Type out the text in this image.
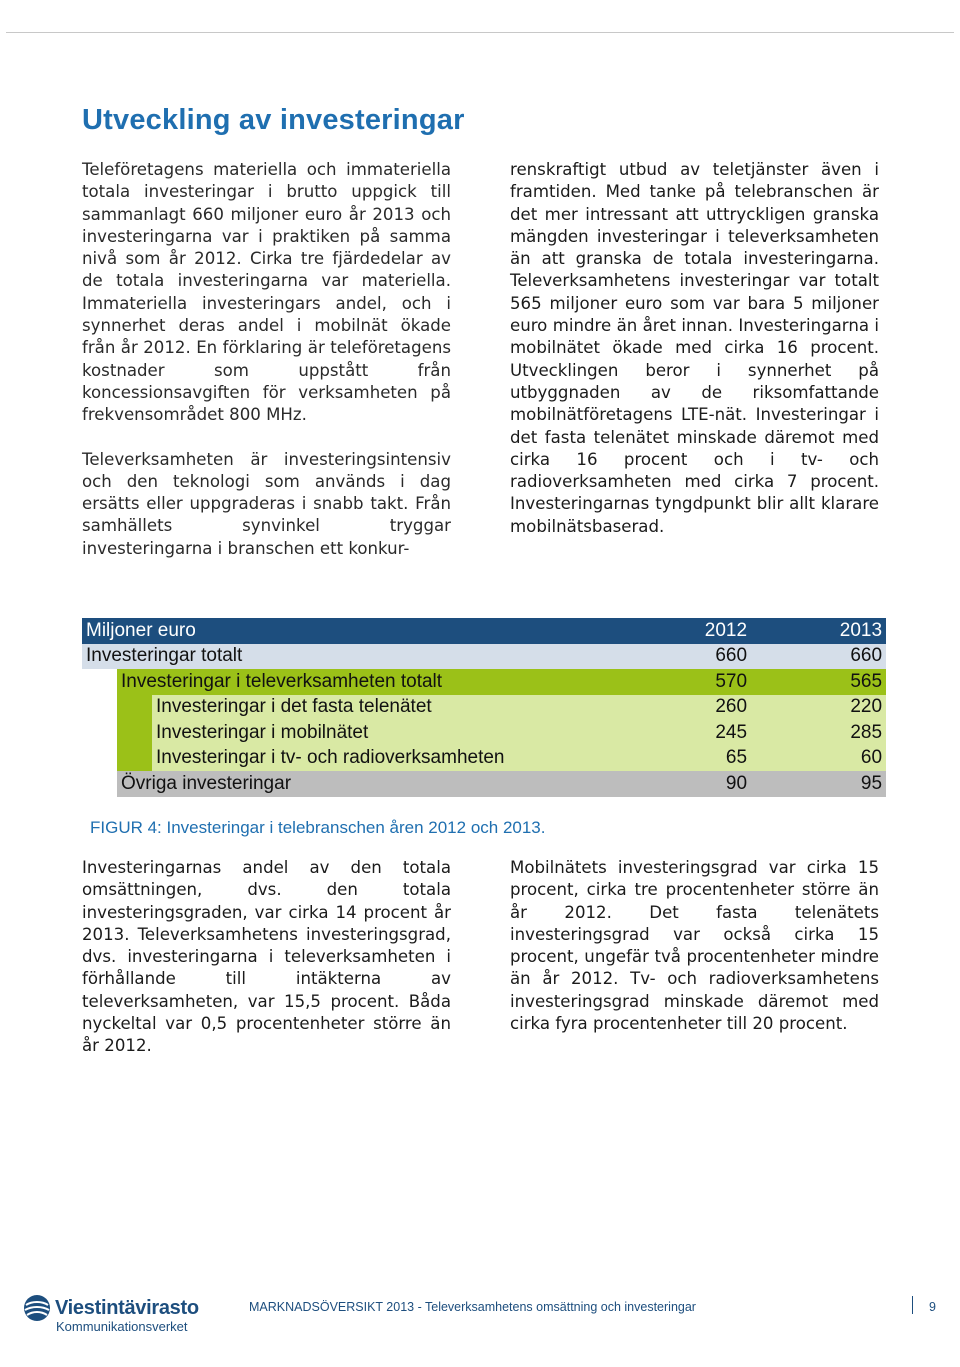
Utveckling av investeringar

Teleföretagens materiella och immateriella totala investeringar i brutto uppgick till sammanlagt 660 miljoner euro år 2013 och investeringarna var i praktiken på samma nivå som år 2012. Cirka tre fjärdedelar av de totala investeringarna var materiella. Immateriella investeringars andel, och i synnerhet deras andel i mobilnät ökade från år 2012. En förklaring är teleföretagens kostnader som uppstått från koncessionsavgiften för verksamheten på frekvensområdet 800 MHz.

Televerksamheten är investeringsintensiv och den teknologi som används i dag ersätts eller uppgraderas i snabb takt. Från samhällets synvinkel tryggar investeringarna i branschen ett konkur-

renskraftigt utbud av teletjänster även i framtiden. Med tanke på telebranschen är det mer intressant att uttryckligen granska mängden investeringar i televerksamheten än att granska de totala investeringarna. Televerksamhetens investeringar var totalt 565 miljoner euro som var bara 5 miljoner euro mindre än året innan. Investeringarna i mobilnätet ökade med cirka 16 procent. Utvecklingen beror i synnerhet på utbyggnaden av de riksomfattande mobilnätföretagens LTE-nät. Investeringar i det fasta telenätet minskade däremot med cirka 16 procent och i tv- och radioverksamheten med cirka 7 procent. Investeringarnas tyngdpunkt blir allt klarare mobilnätsbaserad.

Miljoner euro			2012	2013
Investeringar totalt			660	660
	Investeringar i televerksamheten totalt		570	565
		Investeringar i det fasta telenätet	260	220
		Investeringar i mobilnätet	245	285
		Investeringar i tv- och radioverksamheten	65	60
	Övriga investeringar		90	95
FIGUR 4: Investeringar i telebranschen åren 2012 och 2013.

Investeringarnas andel av den totala omsättningen, dvs. den totala investeringsgraden, var cirka 14 procent år 2013. Televerksamhetens investeringsgrad, dvs. investeringarna i televerksamheten i förhållande till intäkterna av televerksamheten, var 15,5 procent. Båda nyckeltal var 0,5 procentenheter större än år 2012.

Mobilnätets investeringsgrad var cirka 15 procent, cirka tre procentenheter större än år 2012. Det fasta telenätets investeringsgrad var också cirka 15 procent, ungefär två procentenheter mindre än år 2012. Tv- och radioverksamhetens investeringsgrad minskade däremot med cirka fyra procentenheter till 20 procent.

Viestintävirasto
Kommunikationsverket
MARKNADSÖVERSIKT 2013 - Televerksamhetens omsättning och investeringar	9
